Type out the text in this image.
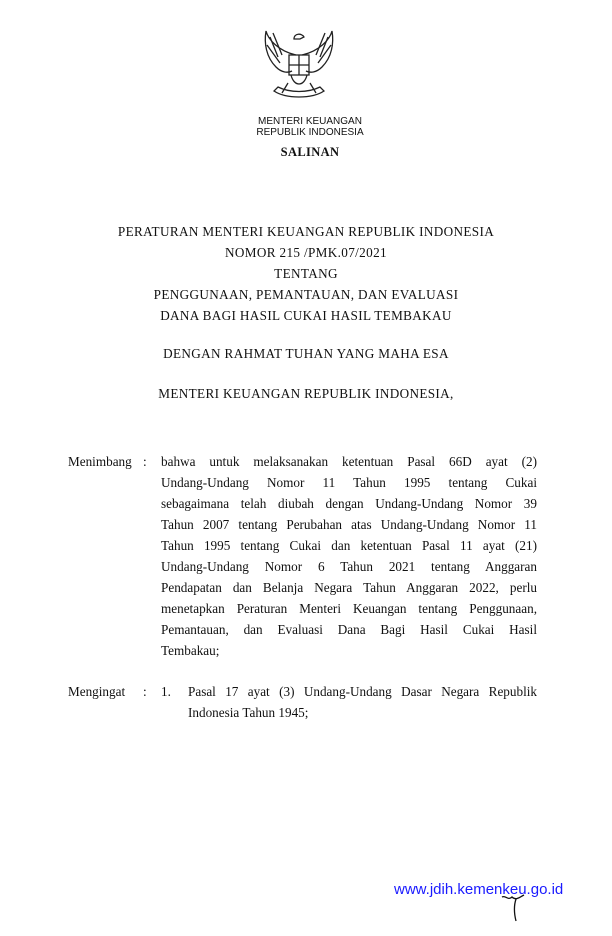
MENTERI KEUANGAN
REPUBLIK INDONESIA
SALINAN
PERATURAN MENTERI KEUANGAN REPUBLIK INDONESIA
NOMOR 215 /PMK.07/2021
TENTANG
PENGGUNAAN, PEMANTAUAN, DAN EVALUASI
DANA BAGI HASIL CUKAI HASIL TEMBAKAU
DENGAN RAHMAT TUHAN YANG MAHA ESA
MENTERI KEUANGAN REPUBLIK INDONESIA,
Menimbang : bahwa untuk melaksanakan ketentuan Pasal 66D ayat (2)
Undang-Undang Nomor 11 Tahun 1995 tentang Cukai
sebagaimana telah diubah dengan Undang-Undang Nomor 39
Tahun 2007 tentang Perubahan atas Undang-Undang Nomor 11
Tahun 1995 tentang Cukai dan ketentuan Pasal 11 ayat (21)
Undang-Undang Nomor 6 Tahun 2021 tentang Anggaran
Pendapatan dan Belanja Negara Tahun Anggaran 2022, perlu
menetapkan Peraturan Menteri Keuangan tentang Penggunaan,
Pemantauan, dan Evaluasi Dana Bagi Hasil Cukai Hasil
Tembakau;
Mengingat : 1. Pasal 17 ayat (3) Undang-Undang Dasar Negara Republik
Indonesia Tahun 1945;
www.jdih.kemenkeu.go.id
